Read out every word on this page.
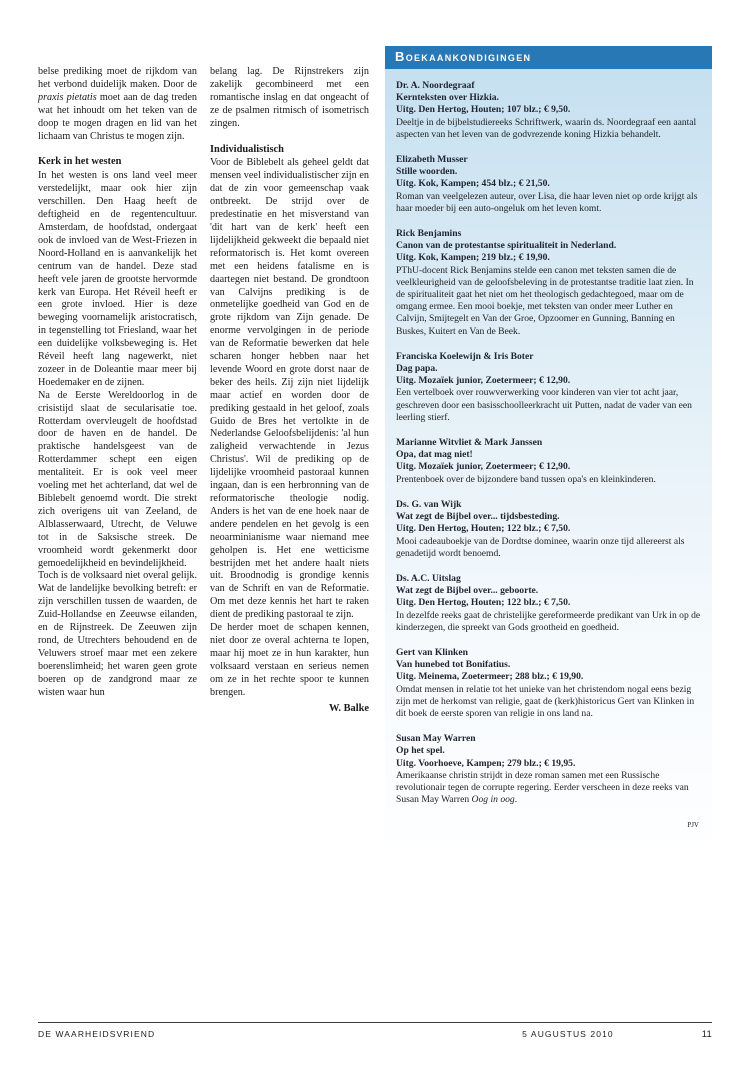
belse prediking moet de rijkdom van het verbond duidelijk maken. Door de praxis pietatis moet aan de dag treden wat het inhoudt om het teken van de doop te mogen dragen en lid van het lichaam van Christus te mogen zijn.

Kerk in het westen

In het westen is ons land veel meer verstedelijkt, maar ook hier zijn verschillen. Den Haag heeft de deftigheid en de regentencultuur. Amsterdam, de hoofdstad, ondergaat ook de invloed van de West-Friezen in Noord-Holland en is aanvankelijk het centrum van de handel. Deze stad heeft vele jaren de grootste hervormde kerk van Europa. Het Réveil heeft er een grote invloed. Hier is deze beweging voornamelijk aristocratisch, in tegenstelling tot Friesland, waar het een duidelijke volksbeweging is. Het Réveil heeft lang nagewerkt, niet zozeer in de Doleantie maar meer bij Hoedemaker en de zijnen.

Na de Eerste Wereldoorlog in de crisistijd slaat de secularisatie toe. Rotterdam overvleugelt de hoofdstad door de haven en de handel. De praktische handelsgeest van de Rotterdammer schept een eigen mentaliteit. Er is ook veel meer voeling met het achterland, dat wel de Biblebelt genoemd wordt. Die strekt zich overigens uit van Zeeland, de Alblasserwaard, Utrecht, de Veluwe tot in de Saksische streek. De vroomheid wordt gekenmerkt door gemoedelijkheid en bevindelijkheid.

Toch is de volksaard niet overal gelijk. Wat de landelijke bevolking betreft: er zijn verschillen tussen de waarden, de Zuid-Hollandse en Zeeuwse eilanden, en de Rijnstreek. De Zeeuwen zijn rond, de Utrechters behoudend en de Veluwers stroef maar met een zekere boerenslimheid; het waren geen grote boeren op de zandgrond maar ze wisten waar hun

belang lag. De Rijnstrekers zijn zakelijk gecombineerd met een romantische inslag en dat ongeacht of ze de psalmen ritmisch of isometrisch zingen.

Individualistisch

Voor de Biblebelt als geheel geldt dat mensen veel individualistischer zijn en dat de zin voor gemeenschap vaak ontbreekt. De strijd over de predestinatie en het misverstand van 'dit hart van de kerk' heeft een lijdelijkheid gekweekt die bepaald niet reformatorisch is. Het komt overeen met een heidens fatalisme en is daartegen niet bestand. De grondtoon van Calvijns prediking is de onmetelijke goedheid van God en de grote rijkdom van Zijn genade. De enorme vervolgingen in de periode van de Reformatie bewerken dat hele scharen honger hebben naar het levende Woord en grote dorst naar de beker des heils. Zij zijn niet lijdelijk maar actief en worden door de prediking gestaald in het geloof, zoals Guido de Bres het vertolkte in de Nederlandse Geloofsbelijdenis: 'al hun zaligheid verwachtende in Jezus Christus'. Wil de prediking op de lijdelijke vroomheid pastoraal kunnen ingaan, dan is een herbronning van de reformatorische theologie nodig. Anders is het van de ene hoek naar de andere pendelen en het gevolg is een neoarminianisme waar niemand mee geholpen is. Het ene wetticisme bestrijden met het andere haalt niets uit. Broodnodig is grondige kennis van de Schrift en van de Reformatie. Om met deze kennis het hart te raken dient de prediking pastoraal te zijn.

De herder moet de schapen kennen, niet door ze overal achterna te lopen, maar hij moet ze in hun karakter, hun volksaard verstaan en serieus nemen om ze in het rechte spoor te kunnen brengen.

W. Balke

Boekaankondigingen
Dr. A. Noordegraaf
Kernteksten over Hizkia.
Uitg. Den Hertog, Houten; 107 blz.; € 9,50.
Deeltje in de bijbelstudiereeks Schriftwerk, waarin ds. Noordegraaf een aantal aspecten van het leven van de godvrezende koning Hizkia behandelt.
Elizabeth Musser
Stille woorden.
Uitg. Kok, Kampen; 454 blz.; € 21,50.
Roman van veelgelezen auteur, over Lisa, die haar leven niet op orde krijgt als haar moeder bij een auto-ongeluk om het leven komt.
Rick Benjamins
Canon van de protestantse spiritualiteit in Nederland.
Uitg. Kok, Kampen; 219 blz.; € 19,90.
PThU-docent Rick Benjamins stelde een canon met teksten samen die de veelkleurigheid van de geloofsbeleving in de protestantse traditie laat zien. In de spiritualiteit gaat het niet om het theologisch gedachtegoed, maar om de omgang ermee. Een mooi boekje, met teksten van onder meer Luther en Calvijn, Smijtegelt en Van der Groe, Opzoomer en Gunning, Banning en Buskes, Kuitert en Van de Beek.
Franciska Koelewijn & Iris Boter
Dag papa.
Uitg. Mozaïek junior, Zoetermeer; € 12,90.
Een vertelboek over rouwverwerking voor kinderen van vier tot acht jaar, geschreven door een basisschoolleerkracht uit Putten, nadat de vader van een leerling stierf.
Marianne Witvliet & Mark Janssen
Opa, dat mag niet!
Uitg. Mozaïek junior, Zoetermeer; € 12,90.
Prentenboek over de bijzondere band tussen opa's en kleinkinderen.
Ds. G. van Wijk
Wat zegt de Bijbel over... tijdsbesteding.
Uitg. Den Hertog, Houten; 122 blz.; € 7,50.
Mooi cadeauboekje van de Dordtse dominee, waarin onze tijd allereerst als genadetijd wordt benoemd.
Ds. A.C. Uitslag
Wat zegt de Bijbel over... geboorte.
Uitg. Den Hertog, Houten; 122 blz.; € 7,50.
In dezelfde reeks gaat de christelijke gereformeerde predikant van Urk in op de kinderzegen, die spreekt van Gods grootheid en goedheid.
Gert van Klinken
Van hunebed tot Bonifatius.
Uitg. Meinema, Zoetermeer; 288 blz.; € 19,90.
Omdat mensen in relatie tot het unieke van het christendom nogal eens bezig zijn met de herkomst van religie, gaat de (kerk)historicus Gert van Klinken in dit boek de eerste sporen van religie in ons land na.
Susan May Warren
Op het spel.
Uitg. Voorhoeve, Kampen; 279 blz.; € 19,95.
Amerikaanse christin strijdt in deze roman samen met een Russische revolutionair tegen de corrupte regering. Eerder verscheen in deze reeks van Susan May Warren Oog in oog.
pjv
DE WAARHEIDSVRIEND	5 AUGUSTUS 2010	11
